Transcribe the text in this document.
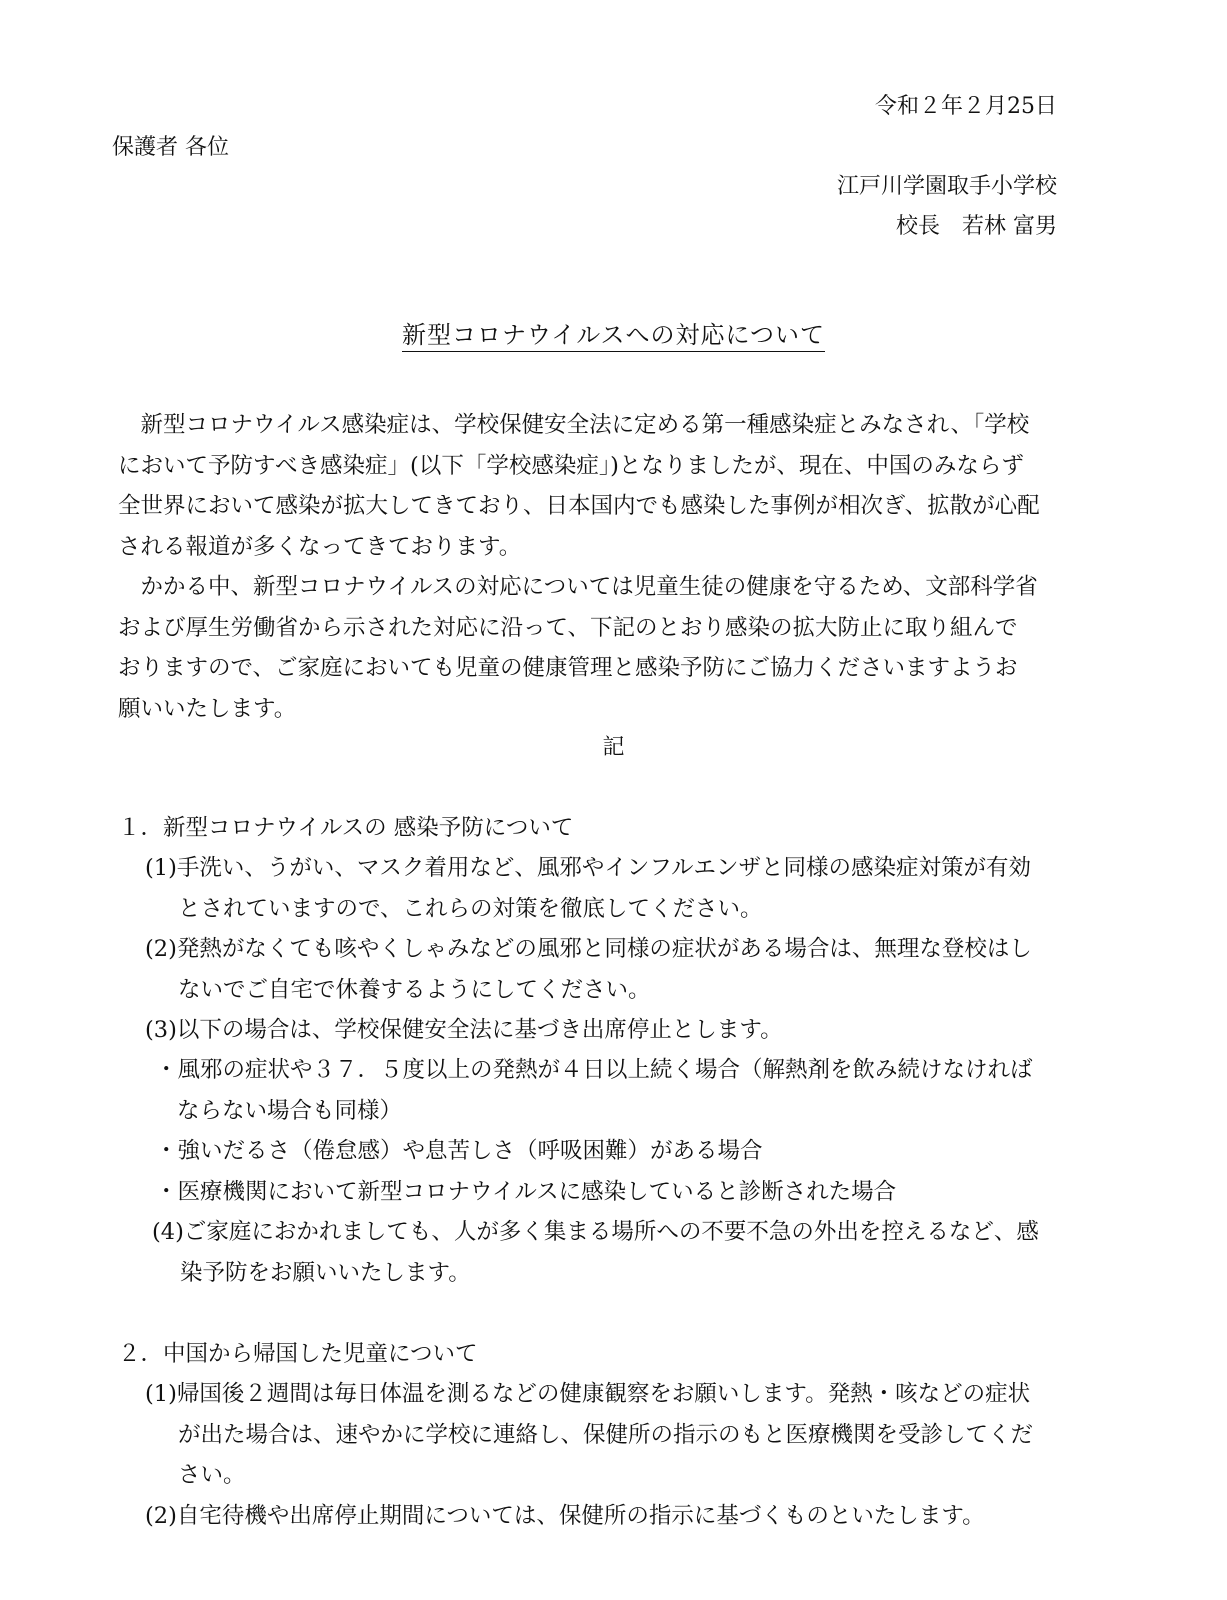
令和２年２月25日
保護者 各位
江戸川学園取手小学校
校長　若林 富男
新型コロナウイルスへの対応について
　新型コロナウイルス感染症は、学校保健安全法に定める第一種感染症とみなされ、「学校
において予防すべき感染症」(以下「学校感染症」)となりましたが、現在、中国のみならず
全世界において感染が拡大してきており、日本国内でも感染した事例が相次ぎ、拡散が心配
される報道が多くなってきております。
　かかる中、新型コロナウイルスの対応については児童生徒の健康を守るため、文部科学省
および厚生労働省から示された対応に沿って、下記のとおり感染の拡大防止に取り組んで
おりますので、ご家庭においても児童の健康管理と感染予防にご協力くださいますようお
願いいたします。
記
１．新型コロナウイルスの 感染予防について
(1)手洗い、うがい、マスク着用など、風邪やインフルエンザと同様の感染症対策が有効
とされていますので、これらの対策を徹底してください。
(2)発熱がなくても咳やくしゃみなどの風邪と同様の症状がある場合は、無理な登校はし
ないでご自宅で休養するようにしてください。
(3)以下の場合は、学校保健安全法に基づき出席停止とします。
・風邪の症状や３７．５度以上の発熱が４日以上続く場合（解熱剤を飲み続けなければ
ならない場合も同様）
・強いだるさ（倦怠感）や息苦しさ（呼吸困難）がある場合
・医療機関において新型コロナウイルスに感染していると診断された場合
(4)ご家庭におかれましても、人が多く集まる場所への不要不急の外出を控えるなど、感
染予防をお願いいたします。
２．中国から帰国した児童について
(1)帰国後２週間は毎日体温を測るなどの健康観察をお願いします。発熱・咳などの症状
が出た場合は、速やかに学校に連絡し、保健所の指示のもと医療機関を受診してくだ
さい。
(2)自宅待機や出席停止期間については、保健所の指示に基づくものといたします。
